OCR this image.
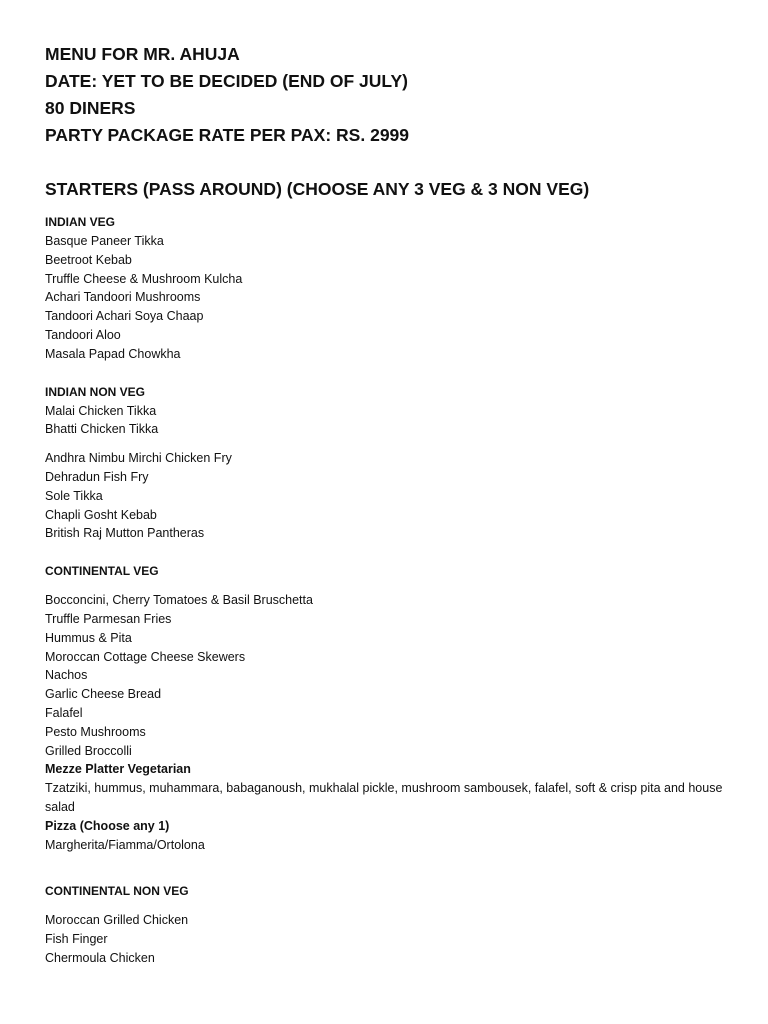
MENU FOR MR. AHUJA

DATE: YET TO BE DECIDED (END OF JULY)

80 DINERS

PARTY PACKAGE RATE PER PAX: RS. 2999

STARTERS (PASS AROUND) (CHOOSE ANY 3 VEG & 3 NON VEG)

INDIAN VEG

Basque Paneer Tikka

Beetroot Kebab

Truffle Cheese & Mushroom Kulcha

Achari Tandoori Mushrooms

Tandoori Achari Soya Chaap

Tandoori Aloo

Masala Papad Chowkha

INDIAN NON VEG

Malai Chicken Tikka

Bhatti Chicken Tikka

Andhra Nimbu Mirchi Chicken Fry

Dehradun Fish Fry

Sole Tikka

Chapli Gosht Kebab

British Raj Mutton Pantheras

CONTINENTAL VEG

Bocconcini, Cherry Tomatoes & Basil Bruschetta

Truffle Parmesan Fries

Hummus & Pita

Moroccan Cottage Cheese Skewers

Nachos

Garlic Cheese Bread

Falafel

Pesto Mushrooms

Grilled Broccolli

Mezze Platter Vegetarian

Tzatziki, hummus, muhammara, babaganoush, mukhalal pickle, mushroom sambousek, falafel, soft & crisp pita and house salad

Pizza (Choose any 1)

Margherita/Fiamma/Ortolona

CONTINENTAL NON VEG

Moroccan Grilled Chicken

Fish Finger

Chermoula Chicken
